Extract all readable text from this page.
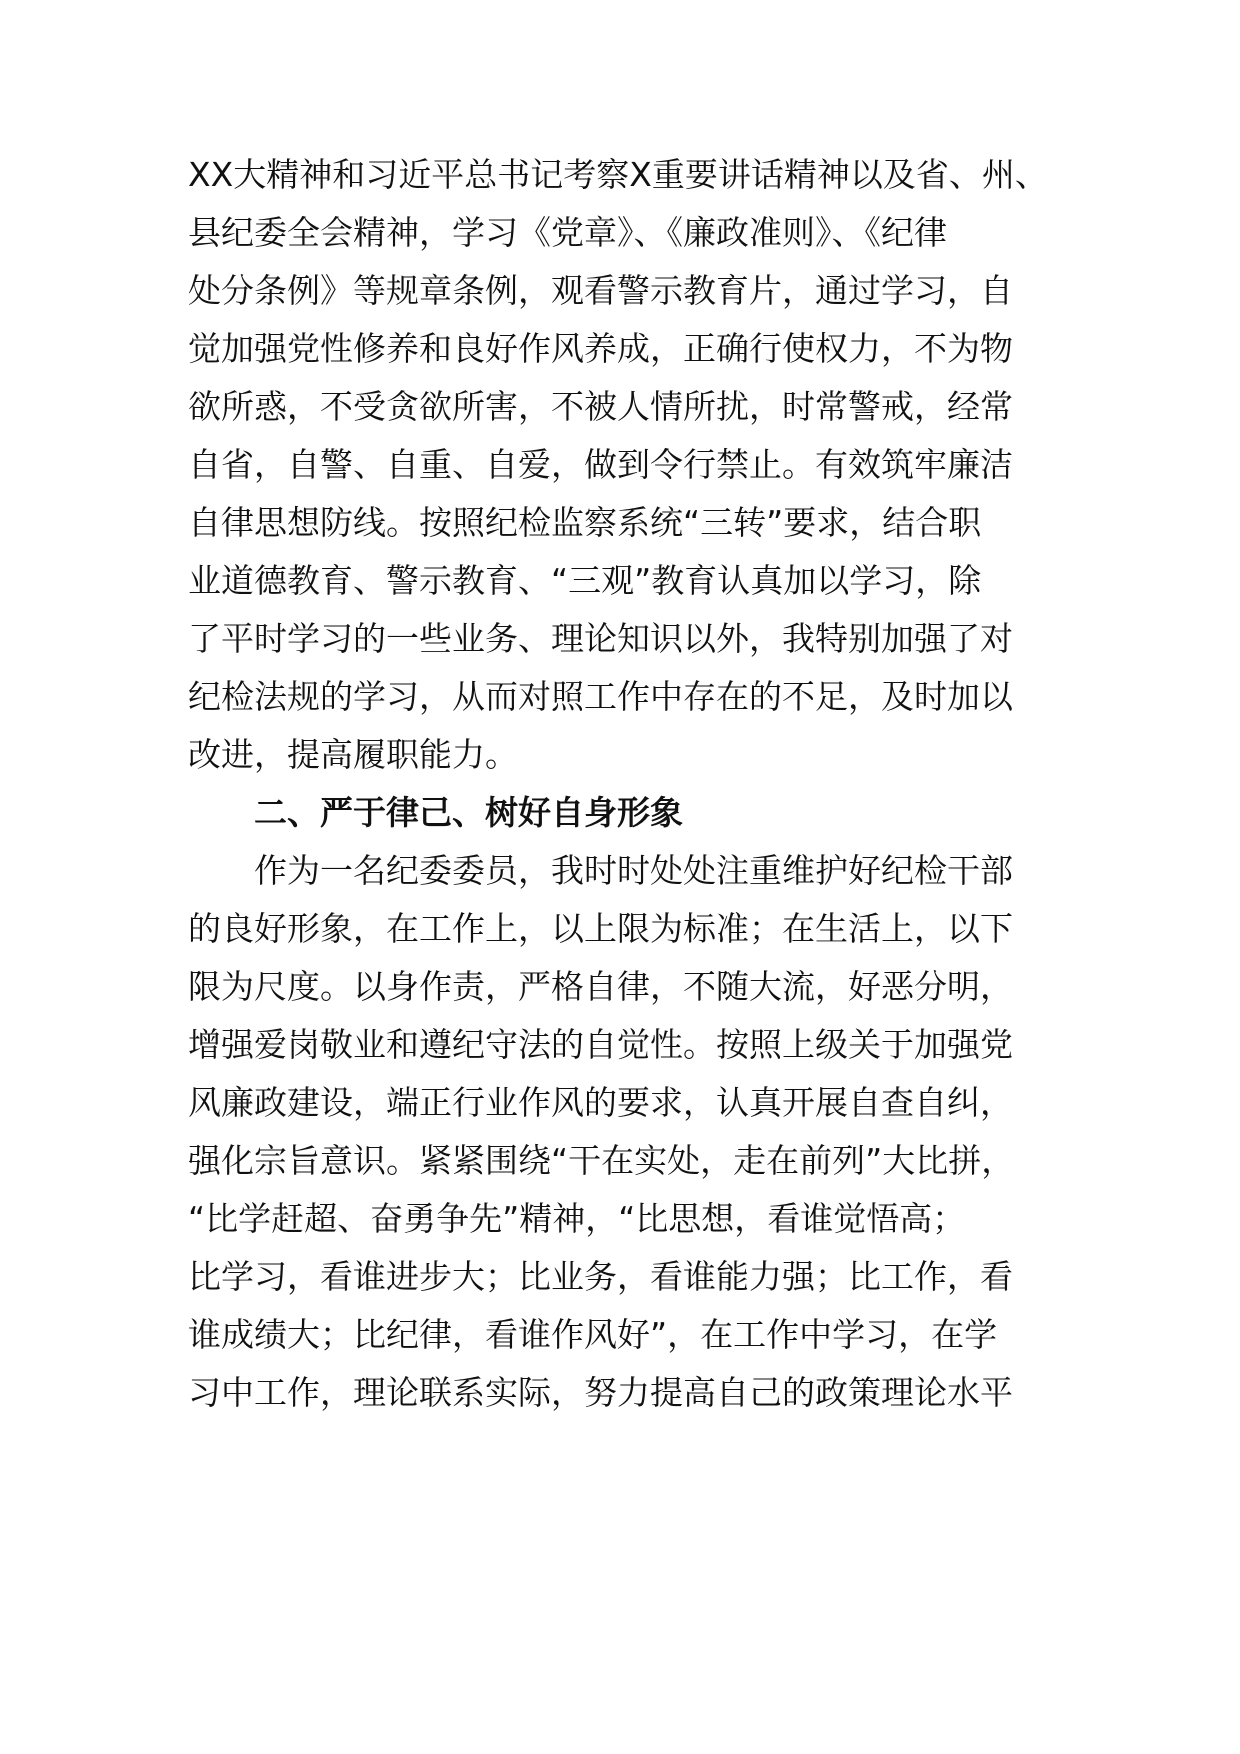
XX大精神和习近平总书记考察X重要讲话精神以及省、州、
县纪委全会精神，学习《党章》、《廉政准则》、《纪律
处分条例》等规章条例，观看警示教育片，通过学习，自
觉加强党性修养和良好作风养成，正确行使权力，不为物
欲所惑，不受贪欲所害，不被人情所扰，时常警戒，经常
自省，自警、自重、自爱，做到令行禁止。有效筑牢廉洁
自律思想防线。按照纪检监察系统“三转”要求，结合职
业道德教育、警示教育、“三观”教育认真加以学习，除
了平时学习的一些业务、理论知识以外，我特别加强了对
纪检法规的学习，从而对照工作中存在的不足，及时加以
改进，提高履职能力。
二、严于律己、树好自身形象
作为一名纪委委员，我时时处处注重维护好纪检干部
的良好形象，在工作上，以上限为标准；在生活上，以下
限为尺度。以身作责，严格自律，不随大流，好恶分明，
增强爱岗敬业和遵纪守法的自觉性。按照上级关于加强党
风廉政建设，端正行业作风的要求，认真开展自查自纠，
强化宗旨意识。紧紧围绕“干在实处，走在前列”大比拼，
“比学赶超、奋勇争先”精神，“比思想，看谁觉悟高；
比学习，看谁进步大；比业务，看谁能力强；比工作，看
谁成绩大；比纪律，看谁作风好”，在工作中学习，在学
习中工作，理论联系实际，努力提高自己的政策理论水平
